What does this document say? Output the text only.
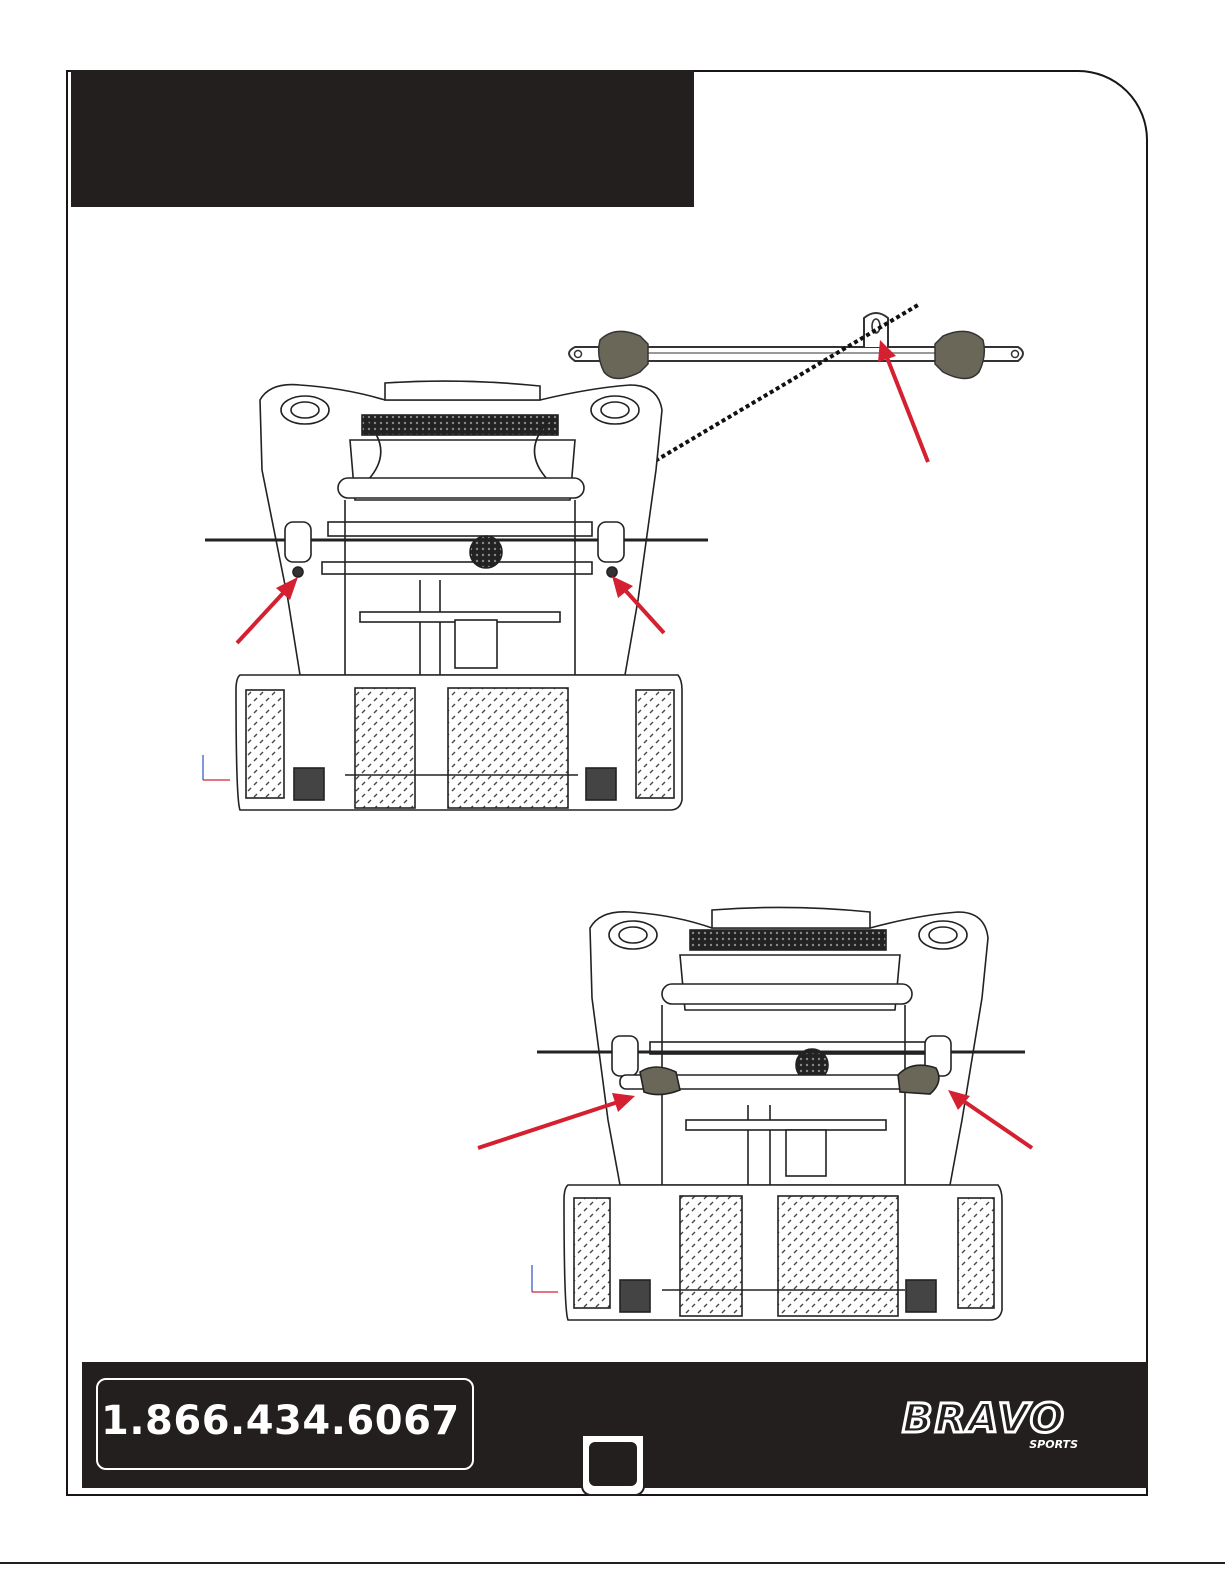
1.866.434.6067	BRAVO
SPORTS
